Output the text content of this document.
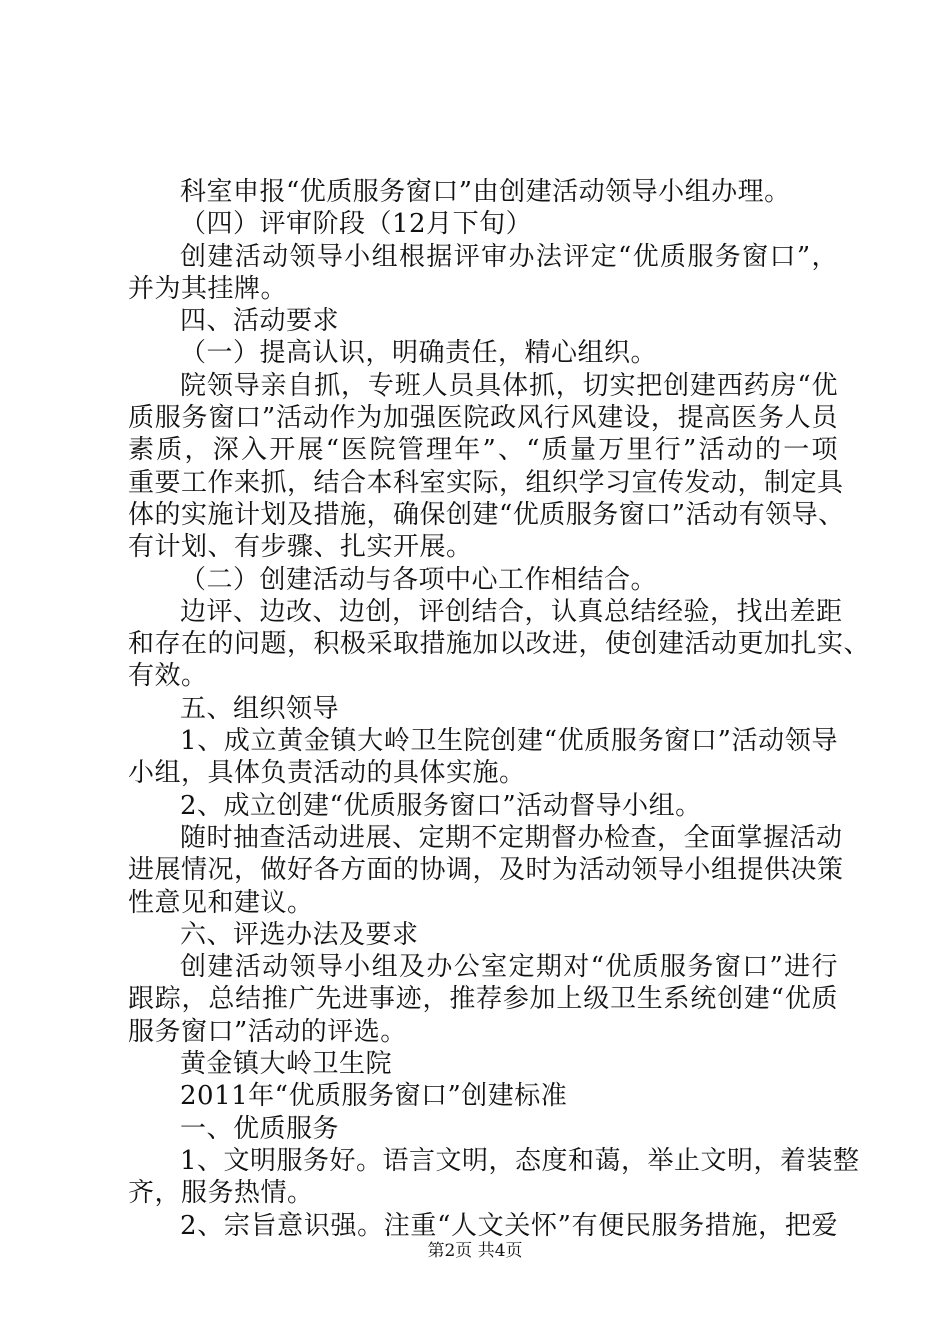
科室申报“优质服务窗口”由创建活动领导小组办理。
（四）评审阶段（12月下旬）
创建活动领导小组根据评审办法评定“优质服务窗口”，
并为其挂牌。
四、活动要求
（一）提高认识，明确责任，精心组织。
院领导亲自抓，专班人员具体抓，切实把创建西药房“优
质服务窗口”活动作为加强医院政风行风建设，提高医务人员
素质，深入开展“医院管理年”、“质量万里行”活动的一项
重要工作来抓，结合本科室实际，组织学习宣传发动，制定具
体的实施计划及措施，确保创建“优质服务窗口”活动有领导、
有计划、有步骤、扎实开展。
（二）创建活动与各项中心工作相结合。
边评、边改、边创，评创结合，认真总结经验，找出差距
和存在的问题，积极采取措施加以改进，使创建活动更加扎实、
有效。
五、组织领导
1、成立黄金镇大岭卫生院创建“优质服务窗口”活动领导
小组，具体负责活动的具体实施。
2、成立创建“优质服务窗口”活动督导小组。
随时抽查活动进展、定期不定期督办检查，全面掌握活动
进展情况，做好各方面的协调，及时为活动领导小组提供决策
性意见和建议。
六、评选办法及要求
创建活动领导小组及办公室定期对“优质服务窗口”进行
跟踪，总结推广先进事迹，推荐参加上级卫生系统创建“优质
服务窗口”活动的评选。
黄金镇大岭卫生院
2011年“优质服务窗口”创建标准
一、优质服务
1、文明服务好。语言文明，态度和蔼，举止文明，着装整
齐，服务热情。
2、宗旨意识强。注重“人文关怀”有便民服务措施，把爱
第2页 共4页
